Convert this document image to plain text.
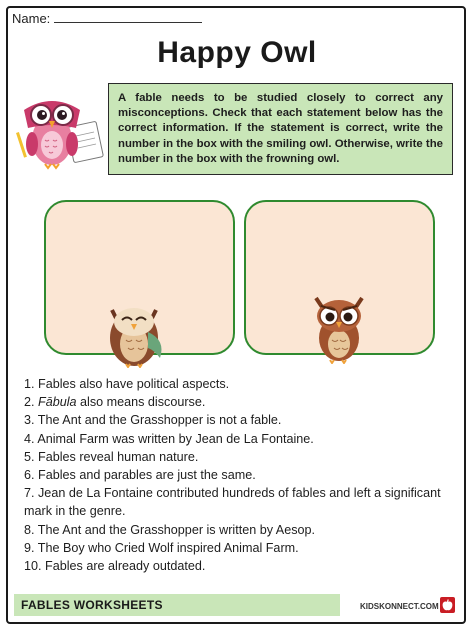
Name:
Happy Owl
A fable needs to be studied closely to correct any misconceptions. Check that each statement below has the correct information. If the statement is correct, write the number in the box with the smiling owl. Otherwise, write the number in the box with the frowning owl.
1. Fables also have political aspects.
2. Fābula also means discourse.
3. The Ant and the Grasshopper is not a fable.
4. Animal Farm was written by Jean de La Fontaine.
5. Fables reveal human nature.
6. Fables and parables are just the same.
7. Jean de La Fontaine contributed hundreds of fables and left a significant mark in the genre.
8. The Ant and the Grasshopper is written by Aesop.
9. The Boy who Cried Wolf inspired Animal Farm.
10. Fables are already outdated.
FABLES WORKSHEETS	KIDSKONNECT.COM
